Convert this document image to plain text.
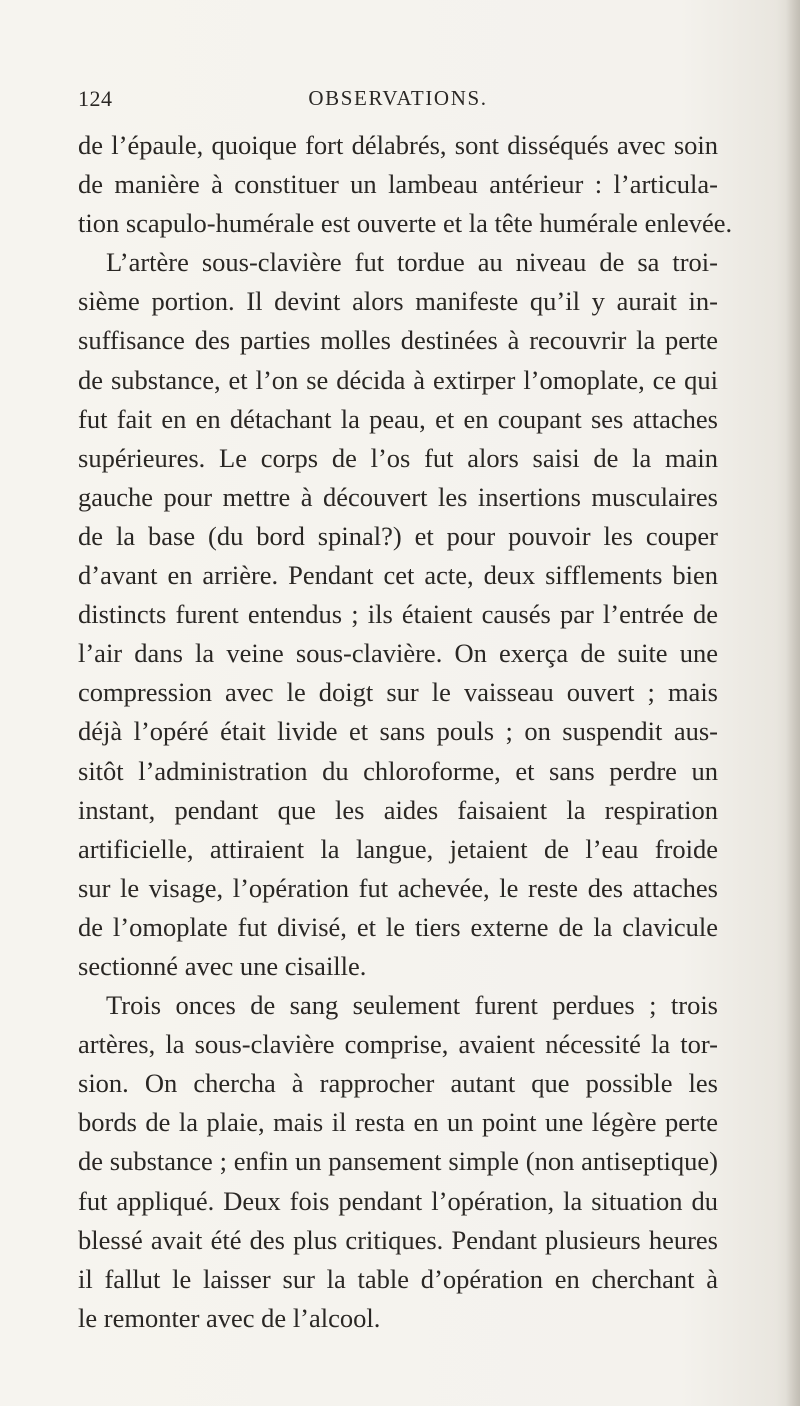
124	OBSERVATIONS.
de l’épaule, quoique fort délabrés, sont disséqués avec soin
de manière à constituer un lambeau antérieur : l’articula-
tion scapulo-humérale est ouverte et la tête humérale enlevée.
L’artère sous-clavière fut tordue au niveau de sa troi-
sième portion. Il devint alors manifeste qu’il y aurait in-
suffisance des parties molles destinées à recouvrir la perte
de substance, et l’on se décida à extirper l’omoplate, ce qui
fut fait en en détachant la peau, et en coupant ses attaches
supérieures. Le corps de l’os fut alors saisi de la main
gauche pour mettre à découvert les insertions musculaires
de la base (du bord spinal?) et pour pouvoir les couper
d’avant en arrière. Pendant cet acte, deux sifflements bien
distincts furent entendus ; ils étaient causés par l’entrée de
l’air dans la veine sous-clavière. On exerça de suite une
compression avec le doigt sur le vaisseau ouvert ; mais
déjà l’opéré était livide et sans pouls ; on suspendit aus-
sitôt l’administration du chloroforme, et sans perdre un
instant, pendant que les aides faisaient la respiration
artificielle, attiraient la langue, jetaient de l’eau froide
sur le visage, l’opération fut achevée, le reste des attaches
de l’omoplate fut divisé, et le tiers externe de la clavicule
sectionné avec une cisaille.
Trois onces de sang seulement furent perdues ; trois
artères, la sous-clavière comprise, avaient nécessité la tor-
sion. On chercha à rapprocher autant que possible les
bords de la plaie, mais il resta en un point une légère perte
de substance ; enfin un pansement simple (non antiseptique)
fut appliqué. Deux fois pendant l’opération, la situation du
blessé avait été des plus critiques. Pendant plusieurs heures
il fallut le laisser sur la table d’opération en cherchant à
le remonter avec de l’alcool.
